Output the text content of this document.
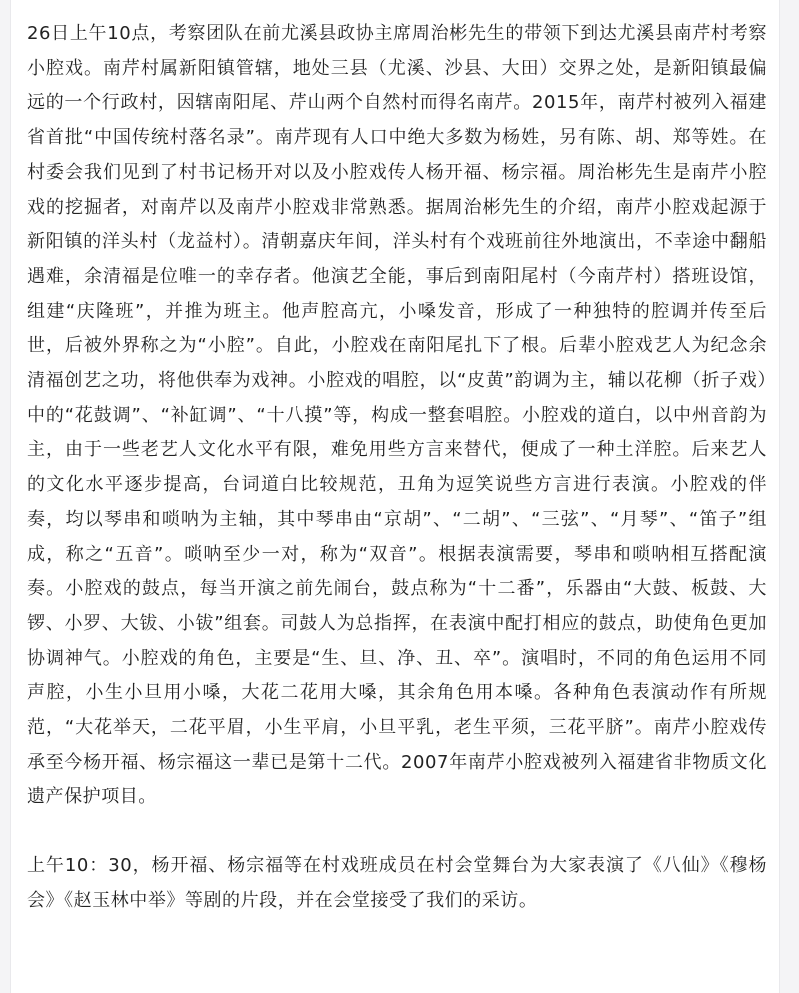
26日上午10点，考察团队在前尤溪县政协主席周治彬先生的带领下到达尤溪县南芹村考察小腔戏。南芹村属新阳镇管辖，地处三县（尤溪、沙县、大田）交界之处，是新阳镇最偏远的一个行政村，因辖南阳尾、芹山两个自然村而得名南芹。2015年，南芹村被列入福建省首批“中国传统村落名录”。南芹现有人口中绝大多数为杨姓，另有陈、胡、郑等姓。在村委会我们见到了村书记杨开对以及小腔戏传人杨开福、杨宗福。周治彬先生是南芹小腔戏的挖掘者，对南芹以及南芹小腔戏非常熟悉。据周治彬先生的介绍，南芹小腔戏起源于新阳镇的洋头村（龙益村）。清朝嘉庆年间，洋头村有个戏班前往外地演出，不幸途中翻船遇难，余清福是位唯一的幸存者。他演艺全能，事后到南阳尾村（今南芹村）搭班设馆，组建“庆隆班”，并推为班主。他声腔高亢，小嗓发音，形成了一种独特的腔调并传至后世，后被外界称之为“小腔”。自此，小腔戏在南阳尾扎下了根。后辈小腔戏艺人为纪念余清福创艺之功，将他供奉为戏神。小腔戏的唱腔，以“皮黄”韵调为主，辅以花柳（折子戏）中的“花鼓调”、“补缸调”、“十八摸”等，构成一整套唱腔。小腔戏的道白，以中州音韵为主，由于一些老艺人文化水平有限，难免用些方言来替代，便成了一种土洋腔。后来艺人的文化水平逐步提高，台词道白比较规范，丑角为逗笑说些方言进行表演。小腔戏的伴奏，均以琴串和唢呐为主轴，其中琴串由“京胡”、“二胡”、“三弦”、“月琴”、“笛子”组成，称之“五音”。唢呐至少一对，称为“双音”。根据表演需要，琴串和唢呐相互搭配演奏。小腔戏的鼓点，每当开演之前先闹台，鼓点称为“十二番”，乐器由“大鼓、板鼓、大锣、小罗、大钹、小钹”组套。司鼓人为总指挥，在表演中配打相应的鼓点，助使角色更加协调神气。小腔戏的角色，主要是“生、旦、净、丑、卒”。演唱时，不同的角色运用不同声腔，小生小旦用小嗓，大花二花用大嗓，其余角色用本嗓。各种角色表演动作有所规范，“大花举天，二花平眉，小生平肩，小旦平乳，老生平须，三花平脐”。南芹小腔戏传承至今杨开福、杨宗福这一辈已是第十二代。2007年南芹小腔戏被列入福建省非物质文化遗产保护项目。

上午10：30，杨开福、杨宗福等在村戏班成员在村会堂舞台为大家表演了《八仙》《穆杨会》《赵玉林中举》等剧的片段，并在会堂接受了我们的采访。
